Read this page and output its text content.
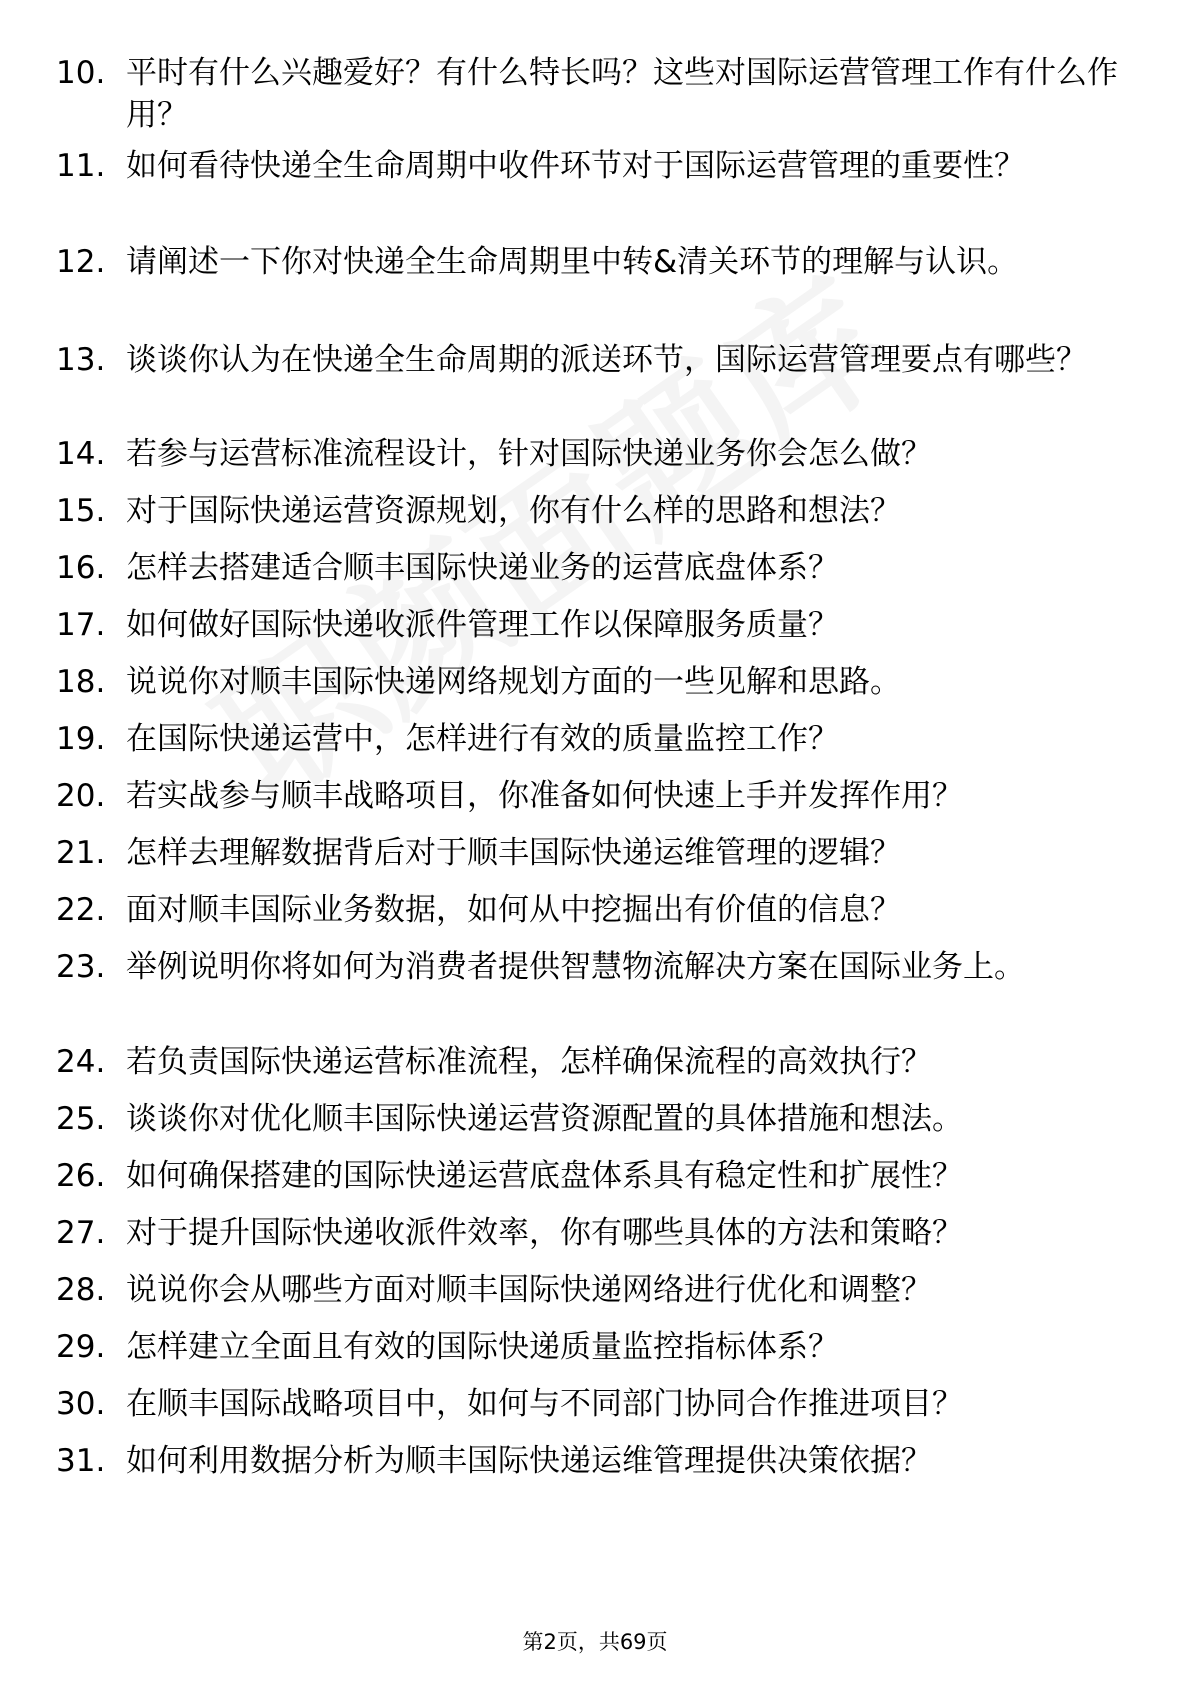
10. 平时有什么兴趣爱好？有什么特长吗？这些对国际运营管理工作有什么作用？
11. 如何看待快递全生命周期中收件环节对于国际运营管理的重要性？
12. 请阐述一下你对快递全生命周期里中转&清关环节的理解与认识。
13. 谈谈你认为在快递全生命周期的派送环节，国际运营管理要点有哪些？
14. 若参与运营标准流程设计，针对国际快递业务你会怎么做？
15. 对于国际快递运营资源规划，你有什么样的思路和想法？
16. 怎样去搭建适合顺丰国际快递业务的运营底盘体系？
17. 如何做好国际快递收派件管理工作以保障服务质量？
18. 说说你对顺丰国际快递网络规划方面的一些见解和思路。
19. 在国际快递运营中，怎样进行有效的质量监控工作？
20. 若实战参与顺丰战略项目，你准备如何快速上手并发挥作用？
21. 怎样去理解数据背后对于顺丰国际快递运维管理的逻辑？
22. 面对顺丰国际业务数据，如何从中挖掘出有价值的信息？
23. 举例说明你将如何为消费者提供智慧物流解决方案在国际业务上。
24. 若负责国际快递运营标准流程，怎样确保流程的高效执行？
25. 谈谈你对优化顺丰国际快递运营资源配置的具体措施和想法。
26. 如何确保搭建的国际快递运营底盘体系具有稳定性和扩展性？
27. 对于提升国际快递收派件效率，你有哪些具体的方法和策略？
28. 说说你会从哪些方面对顺丰国际快递网络进行优化和调整？
29. 怎样建立全面且有效的国际快递质量监控指标体系？
30. 在顺丰国际战略项目中，如何与不同部门协同合作推进项目？
31. 如何利用数据分析为顺丰国际快递运维管理提供决策依据？
第2页，共69页
